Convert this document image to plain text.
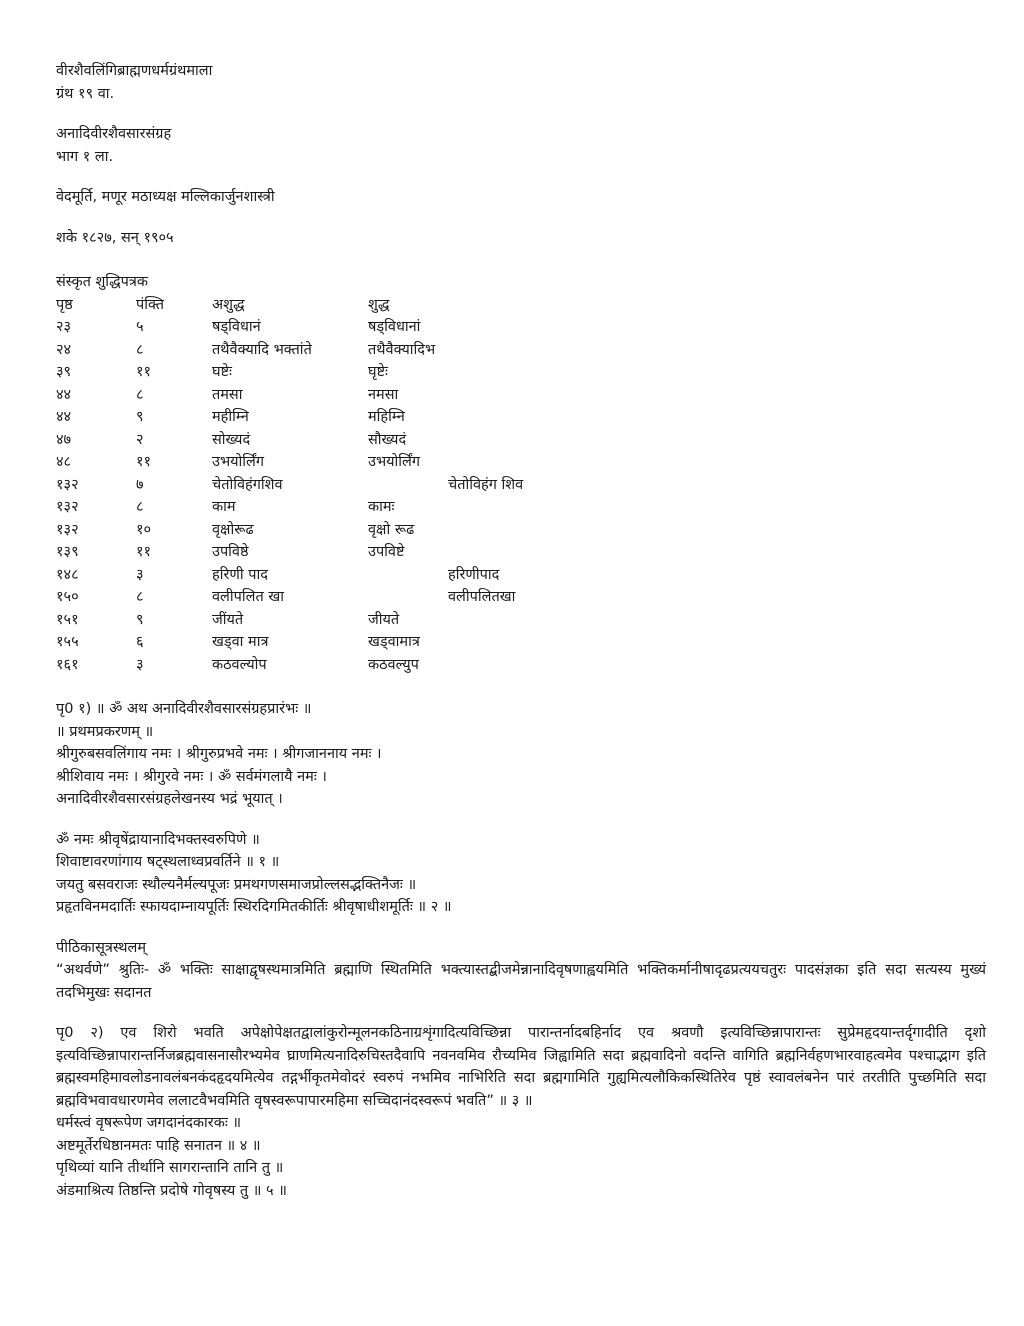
वीरशैवलिंगिब्राह्मणधर्मग्रंथमाला
ग्रंथ १९ वा.
अनादिवीरशैवसारसंग्रह
भाग १ ला.
वेदमूर्ति, मणूर मठाध्यक्ष मल्लिकार्जुनशास्त्री
शके १८२७, सन् १९०५
संस्कृत शुद्धिपत्रक
पृष्ठ	पंक्ति	अशुद्ध	शुद्ध
२३	५	षड्विधानं	षड्विधानां
२४	८	तथैवैक्यादि भक्तांते	तथैवैक्यादिभ
३९	११	घष्टेः	घृष्टेः
४४	८	तमसा	नमसा
४४	९	महीम्नि	महिम्नि
४७	२	सोख्यदं	सौख्यदं
४८	११	उभयोर्लिंग	उभयोर्लिंग
१३२	७	चेतोविहंगशिव	चेतोविहंग शिव
१३२	८	काम	कामः
१३२	१०	वृक्षोरूढ	वृक्षो रूढ
१३९	११	उपविष्ठे	उपविष्टे
१४८	३	हरिणी पाद	हरिणीपाद
१५०	८	वलीपलित खा	वलीपलितखा
१५१	९	जींयते	जीयते
१५५	६	खड्वा मात्र	खड्वामात्र
१६१	३	कठवल्योप	कठवल्युप
पृ0 १) ॥ ॐ अथ अनादिवीरशैवसारसंग्रहप्रारंभः ॥
॥ प्रथमप्रकरणम् ॥
श्रीगुरुबसवलिंगाय नमः । श्रीगुरुप्रभवे नमः । श्रीगजाननाय नमः ।
श्रीशिवाय नमः । श्रीगुरवे नमः । ॐ सर्वमंगलायै नमः ।
अनादिवीरशैवसारसंग्रहलेखनस्य भद्रं भूयात् ।
ॐ नमः श्रीवृषेंद्रायानादिभक्तस्वरुपिणे ॥
शिवाष्टावरणांगाय षट्स्थलाध्वप्रवर्तिने ॥ १ ॥
जयतु बसवराजः स्थौल्यनैर्मल्यपूजः प्रमथगणसमाजप्रोल्लसद्भक्तिनैजः ॥
प्रहृतविनमदार्तिः स्फायदाम्नायपूर्तिः स्थिरदिगमितकीर्तिः श्रीवृषाधीशमूर्तिः ॥ २ ॥
पीठिकासूत्रस्थलम्
“अथर्वणे” श्रुतिः- ॐ भक्तिः साक्षाद्वृषस्थमात्रमिति ब्रह्माणि स्थितमिति भक्त्यास्तद्बीजमेन्नानादिवृषणाह्वयमिति भक्तिकर्मानीषादृढप्रत्ययचतुरः पादसंज्ञका इति सदा सत्यस्य मुख्यं तदभिमुखः सदानत
पृ0 २) एव शिरो भवति अपेक्षोपेक्षतद्वालांकुरोन्मूलनकठिनाग्रशृंगादित्यविच्छिन्ना पारान्तर्नादबहिर्नाद एव श्रवणौ इत्यविच्छिन्नापारान्तः सुप्रेमहृदयान्तर्दृगादीति दृशो इत्यविच्छिन्नापारान्तर्निजब्रह्मवासनासौरभ्यमेव घ्राणमित्यनादिरुचिस्तदैवापि नवनवमिव रौच्यमिव जिह्वामिति सदा ब्रह्मवादिनो वदन्ति वागिति ब्रह्मनिर्वहणभारवाहत्वमेव पश्चाद्भाग इति ब्रह्मस्वमहिमावलोडनावलंबनकंदहृदयमित्येव तद्गर्भीकृतमेवोदरं स्वरुपं नभमिव नाभिरिति सदा ब्रह्मगामिति गुह्यमित्यलौकिकस्थितिरेव पृष्ठं स्वावलंबनेन पारं तरतीति पुच्छमिति सदा ब्रह्मविभवावधारणमेव ललाटवैभवमिति वृषस्वरूपापारमहिमा सच्चिदानंदस्वरूपं भवति” ॥ ३ ॥
धर्मस्त्वं वृषरूपेण जगदानंदकारकः ॥
अष्टमूर्तेरधिष्ठानमतः पाहि सनातन ॥ ४ ॥
पृथिव्यां यानि तीर्थानि सागरान्तानि तानि तु ॥
अंडमाश्रित्य तिष्ठन्ति प्रदोषे गोवृषस्य तु ॥ ५ ॥
